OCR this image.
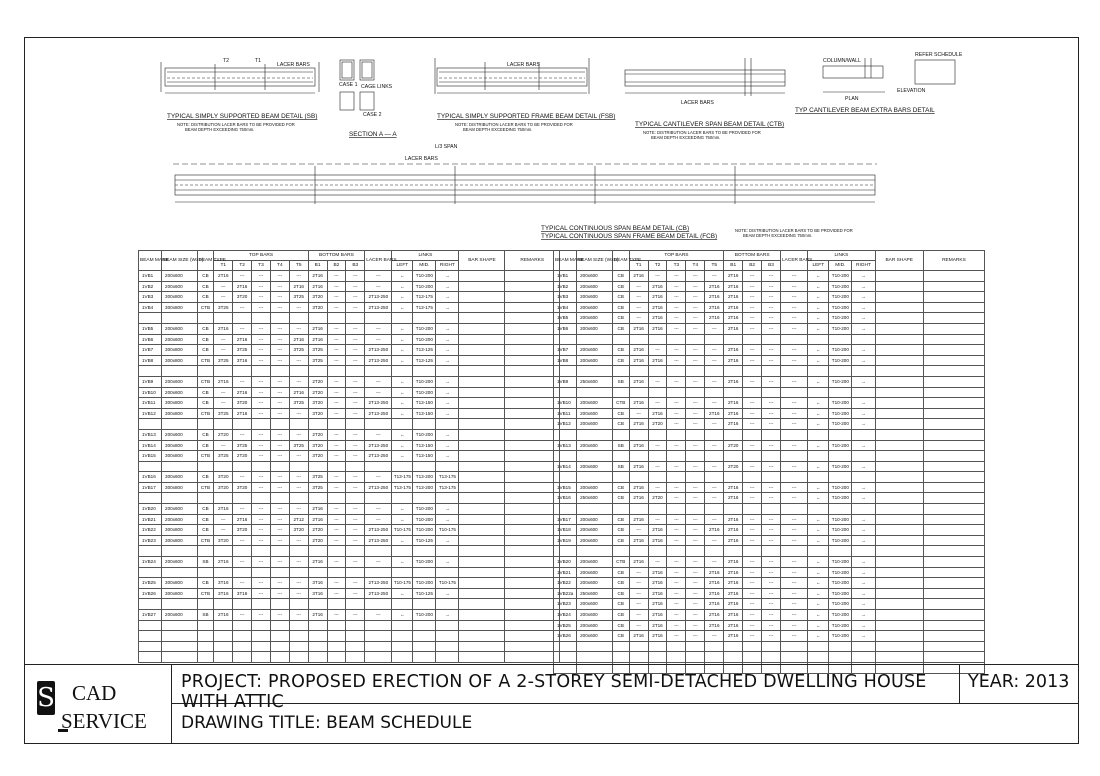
T2	T1
LACER BARS
TYPICAL SIMPLY SUPPORTED BEAM DETAIL (SB)
NOTE: DISTRIBUTION LACER BARS TO BE PROVIDED FOR
BEAM DEPTH EXCEEDING 750mm.
CAGE LINKS
CASE 1
CASE 2
SECTION A — A
LACER BARS
TYPICAL SIMPLY SUPPORTED FRAME BEAM DETAIL (FSB)
NOTE: DISTRIBUTION LACER BARS TO BE PROVIDED FOR
BEAM DEPTH EXCEEDING 750mm.
LACER BARS
TYPICAL CANTILEVER SPAN BEAM DETAIL (CTB)
NOTE: DISTRIBUTION LACER BARS TO BE PROVIDED FOR
BEAM DEPTH EXCEEDING 750mm.
COLUMN/WALL
PLAN
ELEVATION
REFER SCHEDULE
TYP CANTILEVER BEAM EXTRA BARS DETAIL
LACER BARS
L/3 SPAN
TYPICAL CONTINUOUS SPAN BEAM DETAIL (CB)
TYPICAL CONTINUOUS SPAN FRAME BEAM DETAIL (FCB)
NOTE: DISTRIBUTION LACER BARS TO BE PROVIDED FOR
BEAM DEPTH EXCEEDING 750mm.
BEAM MARK	BEAM SIZE (WxD)	BEAM TYPE	TOP BARS					BOTTOM BARS			LACER BARS	LINKS			BAR SHAPE	REMARKS
			T1	T2	T3	T4	T5	B1	B2	B3		LEFT	MID.	RIGHT		
1VB1	200x600	CB	2T16	---	---	---	---	2T16	---	---	---	←	T10-200	→		
1VB2	200x600	CB	---	2T16	---	---	2T16	2T16	---	---	---	←	T10-200	→		
1VB3	300x800	CB	---	3T20	---	---	3T25	3T20	---	---	2T13-250	←	T13-175	→		
1VB4	300x800	CTB	3T25	---	---	---	---	3T20	---	---	2T13-250	←	T13-175	→		

1VB5	200x600	CB	2T16	---	---	---	---	2T16	---	---	---	←	T10-200	→		
1VB6	200x600	CB	---	2T16	---	---	2T16	2T16	---	---	---	←	T10-200	→		
1VB7	300x800	CB	---	3T25	---	---	3T25	3T25	---	---	2T13-250	←	T13-125	→		
1VB8	300x800	CTB	3T25	3T16	---	---	---	3T25	---	---	2T13-250	←	T13-125	→		

1VB9	200x600	CTB	2T16	---	---	---	---	2T20	---	---	---	←	T10-200	→		
1VB10	200x600	CB	---	2T16	---	---	2T16	2T20	---	---	---	←	T10-200	→		
1VB11	300x800	CB	---	3T20	---	---	3T25	3T20	---	---	2T13-250	←	T13-150	→		
1VB12	300x800	CTB	3T25	2T16	---	---	---	3T20	---	---	2T13-250	←	T13-150	→		

1VB13	200x600	CB	2T20	---	---	---	---	2T20	---	---	---	←	T10-200	→		
1VB14	300x800	CB	---	3T25	---	---	3T25	3T20	---	---	2T13-250	←	T13-150	→		
1VB15	300x800	CTB	3T25	2T20	---	---	---	3T20	---	---	2T13-250	←	T13-150	→		

1VB16	300x600	CB	3T20	---	---	---	---	3T25	---	---	---	T13-175	T13-200	T13-175		
1VB17	300x800	CTB	3T20	3T20	---	---	---	3T25	---	---	2T13-250	T13-175	T13-200	T13-175		

1VB20	200x600	CB	2T16	---	---	---	---	2T16	---	---	---	←	T10-200	→		
1VB21	200x600	CB	---	2T16	---	---	2T12	2T16	---	---	---	←	T10-200	→		
1VB22	300x800	CB	---	3T20	---	---	3T20	2T20	---	---	2T13-250	T10-175	T10-200	T10-175		
1VB23	300x800	CTB	3T20	---	---	---	---	2T20	---	---	2T13-250	←	T10-125	→		

1VB24	200x600	SB	2T16	---	---	---	---	2T16	---	---	---	←	T10-200	→		

1VB25	300x800	CB	3T16	---	---	---	---	3T16	---	---	2T13-250	T10-175	T10-200	T10-175		
1VB26	300x800	CTB	3T16	3T16	---	---	---	3T16	---	---	2T13-250	←	T10-125	→		

1VB27	200x600	SB	2T16	---	---	---	---	2T16	---	---	---	←	T10-200	→		

BEAM MARK	BEAM SIZE (WxD)	BEAM TYPE	TOP BARS					BOTTOM BARS			LACER BARS	LINKS			BAR SHAPE	REMARKS
			T1	T2	T3	T4	T5	B1	B2	B3		LEFT	MID.	RIGHT		
1VB1	200x600	CB	2T16	---	---	---	---	2T16	---	---	---	←	T10-200	→		
1VB2	200x600	CB	---	2T16	---	---	2T16	2T16	---	---	---	←	T10-200	→		
1VB3	200x600	CB	---	2T16	---	---	2T16	2T16	---	---	---	←	T10-200	→		
1VB4	200x600	CB	---	2T16	---	---	2T16	2T16	---	---	---	←	T10-200	→		
1VB5	200x600	CB	---	2T16	---	---	2T16	2T16	---	---	---	←	T10-200	→		
1VB6	200x600	CB	2T16	2T16	---	---	---	2T16	---	---	---	←	T10-200	→		

1VB7	200x600	CB	2T16	---	---	---	---	2T16	---	---	---	←	T10-200	→		
1VB8	200x600	CB	2T16	2T16	---	---	---	2T16	---	---	---	←	T10-200	→		

1VB9	250x600	SB	2T16	---	---	---	---	2T16	---	---	---	←	T10-200	→		

1VB10	200x600	CTB	2T16	---	---	---	---	2T16	---	---	---	←	T10-200	→		
1VB11	200x600	CB	---	2T16	---	---	2T16	2T16	---	---	---	←	T10-200	→		
1VB12	200x600	CB	2T16	2T20	---	---	---	2T16	---	---	---	←	T10-200	→		

1VB13	200x600	SB	2T16	---	---	---	---	2T20	---	---	---	←	T10-200	→		

1VB14	200x600	SB	2T16	---	---	---	---	2T20	---	---	---	←	T10-200	→		

1VB15	200x600	CB	2T16	---	---	---	---	2T16	---	---	---	←	T10-200	→		
1VB16	250x600	CB	2T16	2T20	---	---	---	2T16	---	---	---	←	T10-200	→		

1VB17	200x600	CB	2T16	---	---	---	---	2T16	---	---	---	←	T10-200	→		
1VB18	200x600	CB	---	2T16	---	---	2T16	2T16	---	---	---	←	T10-200	→		
1VB19	200x600	CB	2T16	2T16	---	---	---	2T16	---	---	---	←	T10-200	→		

1VB20	200x600	CTB	2T16	---	---	---	---	2T16	---	---	---	←	T10-200	→		
1VB21	200x600	CB	---	2T16	---	---	2T16	2T16	---	---	---	←	T10-200	→		
1VB22	200x600	CB	---	2T16	---	---	2T16	2T16	---	---	---	←	T10-200	→		
1VB22a	250x600	CB	---	2T16	---	---	2T16	2T16	---	---	---	←	T10-200	→		
1VB23	200x600	CB	---	2T16	---	---	2T16	2T16	---	---	---	←	T10-200	→		
1VB24	200x600	CB	---	2T16	---	---	2T16	2T16	---	---	---	←	T10-200	→		
1VB25	200x600	CB	---	2T16	---	---	2T16	2T16	---	---	---	←	T10-200	→		
1VB26	200x600	CB	2T16	2T16	---	---	---	2T16	---	---	---	←	T10-200	→		

S CAD
SERVICE
PROJECT: PROPOSED ERECTION OF A 2-STOREY SEMI-DETACHED DWELLING HOUSE WITH ATTIC
YEAR: 2013
DRAWING TITLE: BEAM SCHEDULE
